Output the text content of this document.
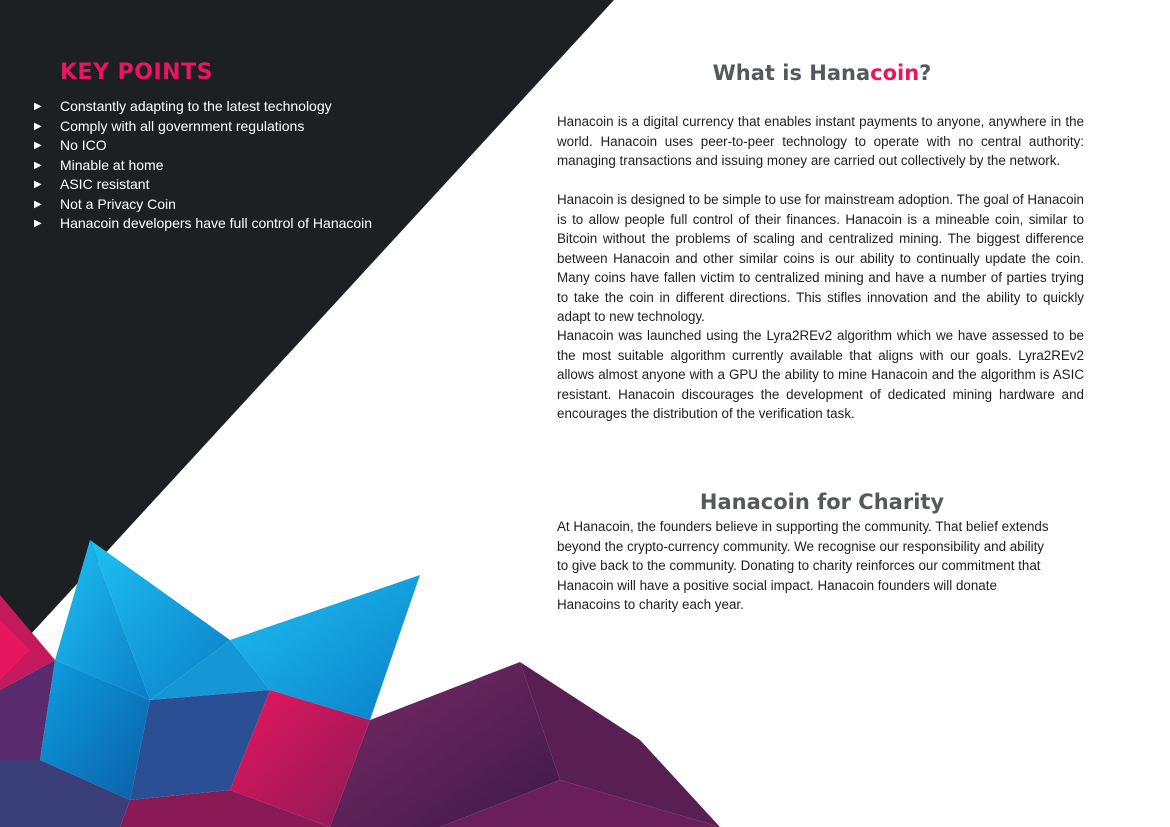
KEY POINTS
▶ Constantly adapting to the latest technology
▶ Comply with all government regulations
▶ No ICO
▶ Minable at home
▶ ASIC resistant
▶ Not a Privacy Coin
▶ Hanacoin developers have full control of Hanacoin
What is Hanacoin?

Hanacoin is a digital currency that enables instant payments to anyone, anywhere in the world. Hanacoin uses peer-to-peer technology to operate with no central authority: managing transactions and issuing money are carried out collectively by the network.

Hanacoin is designed to be simple to use for mainstream adoption. The goal of Hanacoin is to allow people full control of their finances. Hanacoin is a mineable coin, similar to Bitcoin without the problems of scaling and centralized mining. The biggest difference between Hanacoin and other similar coins is our ability to continually update the coin. Many coins have fallen victim to centralized mining and have a number of parties trying to take the coin in different directions. This stifles innovation and the ability to quickly adapt to new technology.

Hanacoin was launched using the Lyra2REv2 algorithm which we have assessed to be the most suitable algorithm currently available that aligns with our goals. Lyra2REv2 allows almost anyone with a GPU the ability to mine Hanacoin and the algorithm is ASIC resistant. Hanacoin discourages the development of dedicated mining hardware and encourages the distribution of the verification task.

Hanacoin for Charity

At Hanacoin, the founders believe in supporting the community. That belief extends beyond the crypto-currency community. We recognise our responsibility and ability to give back to the community. Donating to charity reinforces our commitment that Hanacoin will have a positive social impact. Hanacoin founders will donate Hanacoins to charity each year.
